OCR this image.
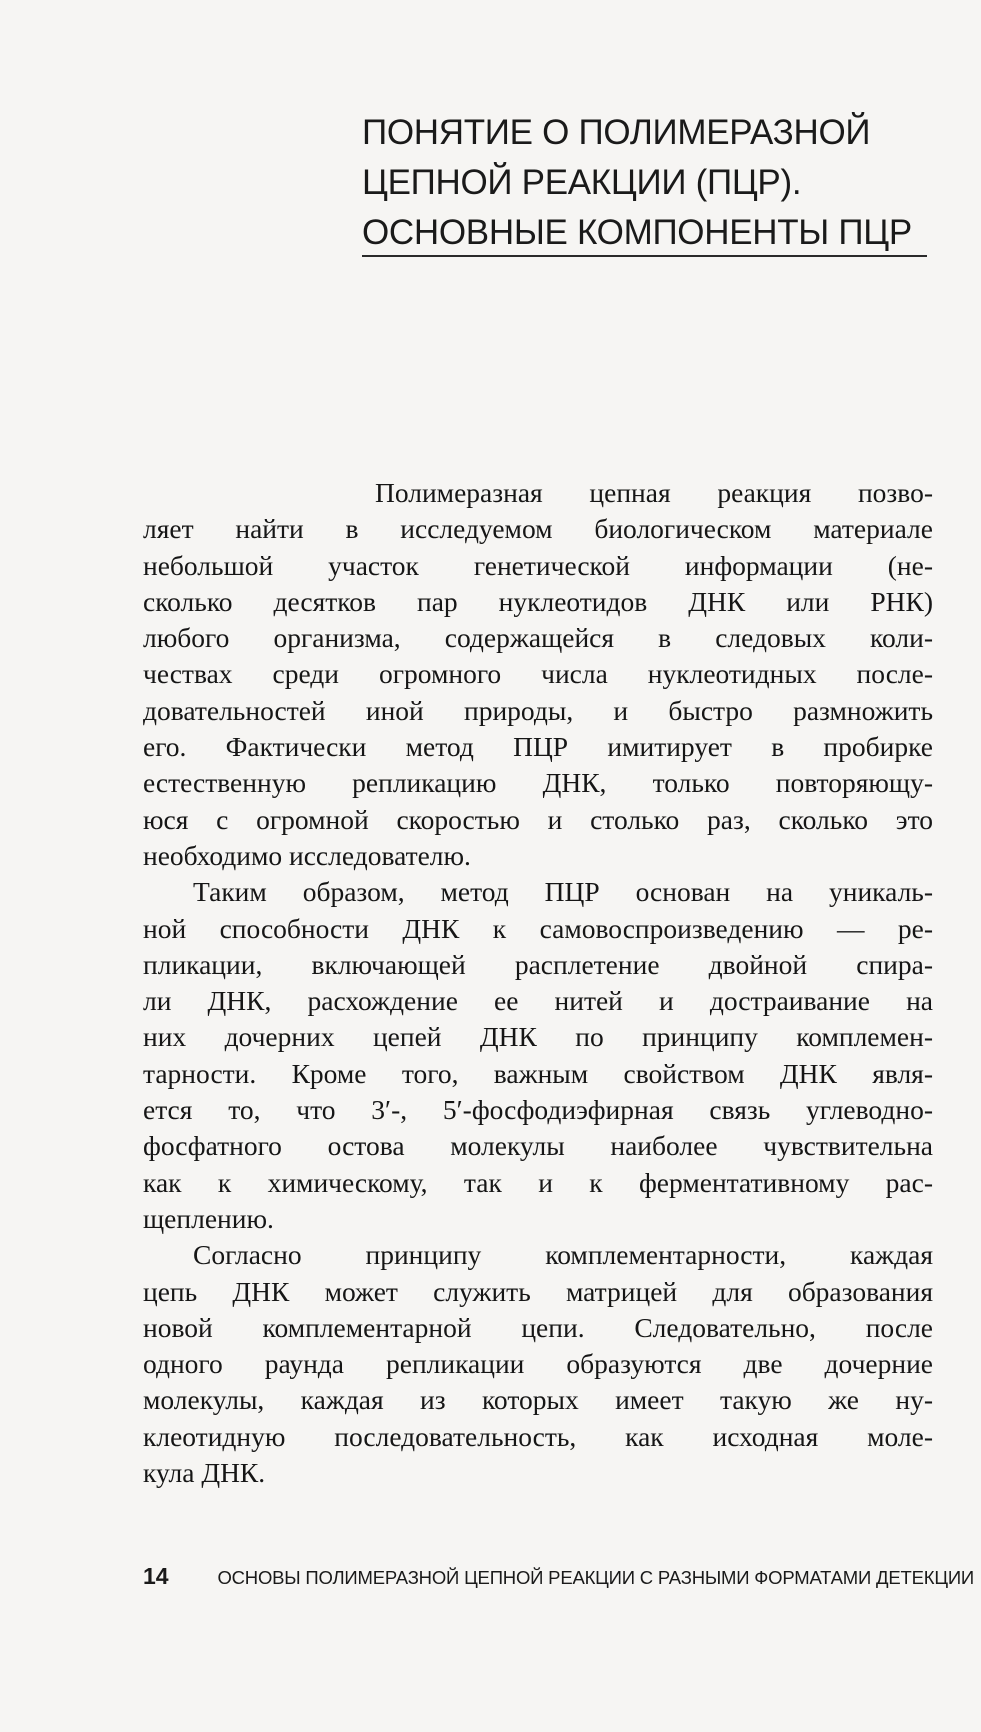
ПОНЯТИЕ О ПОЛИМЕРАЗНОЙ
ЦЕПНОЙ РЕАКЦИИ (ПЦР).
ОСНОВНЫЕ КОМПОНЕНТЫ ПЦР
Полимеразная цепная реакция позво-
ляет найти в исследуемом биологическом материале
небольшой участок генетической информации (не-
сколько десятков пар нуклеотидов ДНК или РНК)
любого организма, содержащейся в следовых коли-
чествах среди огромного числа нуклеотидных после-
довательностей иной природы, и быстро размножить
его. Фактически метод ПЦР имитирует в пробирке
естественную репликацию ДНК, только повторяющу-
юся с огромной скоростью и столько раз, сколько это
необходимо исследователю.
Таким образом, метод ПЦР основан на уникаль-
ной способности ДНК к самовоспроизведению — ре-
пликации, включающей расплетение двойной спира-
ли ДНК, расхождение ее нитей и достраивание на
них дочерних цепей ДНК по принципу комплемен-
тарности. Кроме того, важным свойством ДНК явля-
ется то, что 3′-, 5′-фосфодиэфирная связь углеводно-
фосфатного остова молекулы наиболее чувствительна
как к химическому, так и к ферментативному рас-
щеплению.
Согласно принципу комплементарности, каждая
цепь ДНК может служить матрицей для образования
новой комплементарной цепи. Следовательно, после
одного раунда репликации образуются две дочерние
молекулы, каждая из которых имеет такую же ну-
клеотидную последовательность, как исходная моле-
кула ДНК.
14	ОСНОВЫ ПОЛИМЕРАЗНОЙ ЦЕПНОЙ РЕАКЦИИ С РАЗНЫМИ ФОРМАТАМИ ДЕТЕКЦИИ
